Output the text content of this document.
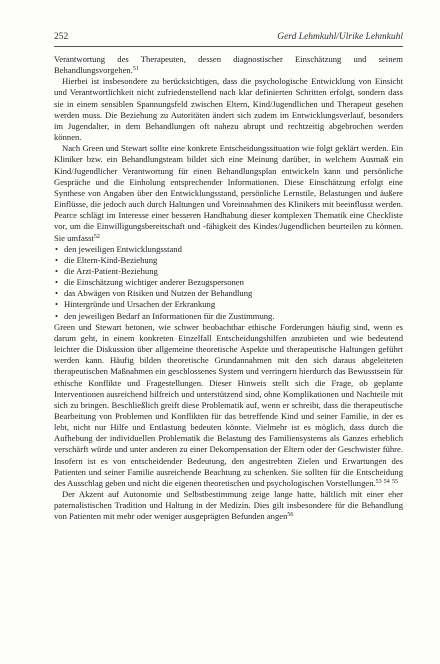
252	Gerd Lehmkuhl/Ulrike Lehmkuhl

Verantwortung des Therapeuten, dessen diagnostischer Einschätzung und seinem Behandlungsvorgehen.$^{51}$

Hierbei ist insbesondere zu berücksichtigen, dass die psychologische Entwicklung von Einsicht und Verantwortlichkeit nicht zufriedenstellend nach klar definierten Schritten erfolgt, sondern dass sie in einem sensiblen Spannungsfeld zwischen Eltern, Kind/Jugendlichen und Therapeut gesehen werden muss. Die Beziehung zu Autoritäten ändert sich zudem im Entwicklungsverlauf, besonders im Jugendalter, in dem Behandlungen oft nahezu abrupt und rechtzeitig abgebrochen werden können.

Nach Green und Stewart sollte eine konkrete Entscheidungssituation wie folgt geklärt werden. Ein Kliniker bzw. ein Behandlungsteam bildet sich eine Meinung darüber, in welchem Ausmaß ein Kind/Jugendlicher Verantwortung für einen Behandlungsplan entwickeln kann und persönliche Gespräche und die Einholung entsprechender Informationen. Diese Einschätzung erfolgt eine Synthese von Angaben über den Entwicklungsstand, persönliche Lernstile, Belastungen und äußere Einflüsse, die jedoch auch durch Haltungen und Voreinnahmen des Klinikers mit beeinflusst werden. Pearce schlägt im Interesse einer besseren Handhabung dieser komplexen Thematik eine Checkliste vor, um die Einwilligungsbereitschaft und -fähigkeit des Kindes/Jugendlichen beurteilen zu können. Sie umfasst$^{52}$

• den jeweiligen Entwicklungsstand
• die Eltern-Kind-Beziehung
• die Arzt-Patient-Beziehung
• die Einschätzung wichtiger anderer Bezugspersonen
• das Abwägen von Risiken und Nutzen der Behandlung
• Hintergründe und Ursachen der Erkrankung
• den jeweiligen Bedarf an Informationen für die Zustimmung.

Green und Stewart betonen, wie schwer beobachtbar ethische Forderungen häufig sind, wenn es darum geht, in einem konkreten Einzelfall Entscheidungshilfen anzubieten und wie bedeutend leichter die Diskussion über allgemeine theoretische Aspekte und therapeutische Haltungen geführt werden kann. Häufig bilden theoretische Grundannahmen mit den sich daraus abgeleiteten therapeutischen Maßnahmen ein geschlossenes System und verringern hierdurch das Bewusstsein für ethische Konflikte und Fragestellungen. Dieser Hinweis stellt sich die Frage, ob geplante Interventionen ausreichend hilfreich und unterstützend sind, ohne Komplikationen und Nachteile mit sich zu bringen. Beschließlich greift diese Problematik auf, wenn er schreibt, dass die therapeutische Bearbeitung von Problemen und Konflikten für das betreffende Kind und seiner Familie, in der es lebt, nicht nur Hilfe und Entlastung bedeuten könnte. Vielmehr ist es möglich, dass durch die Aufhebung der individuellen Problematik die Belastung des Familiensystems als Ganzes erheblich verschärft würde und unter anderen zu einer Dekompensation der Eltern oder der Geschwister führe. Insofern ist es von entscheidender Bedeutung, den angestrebten Zielen und Erwartungen des Patienten und seiner Familie ausreichende Beachtung zu schenken. Sie sollten für die Entscheidung des Ausschlag geben und nicht die eigenen theoretischen und psychologischen Vorstellungen.$^{53}$ $^{54}$ $^{55}$

Der Akzent auf Autonomie und Selbstbestimmung zeige lange hatte, hältlich mit einer eher paternalistischen Tradition und Haltung in der Medizin. Dies gilt insbesondere für die Behandlung von Patienten mit mehr oder weniger ausgeprägten Befunden angen$^{56}$
